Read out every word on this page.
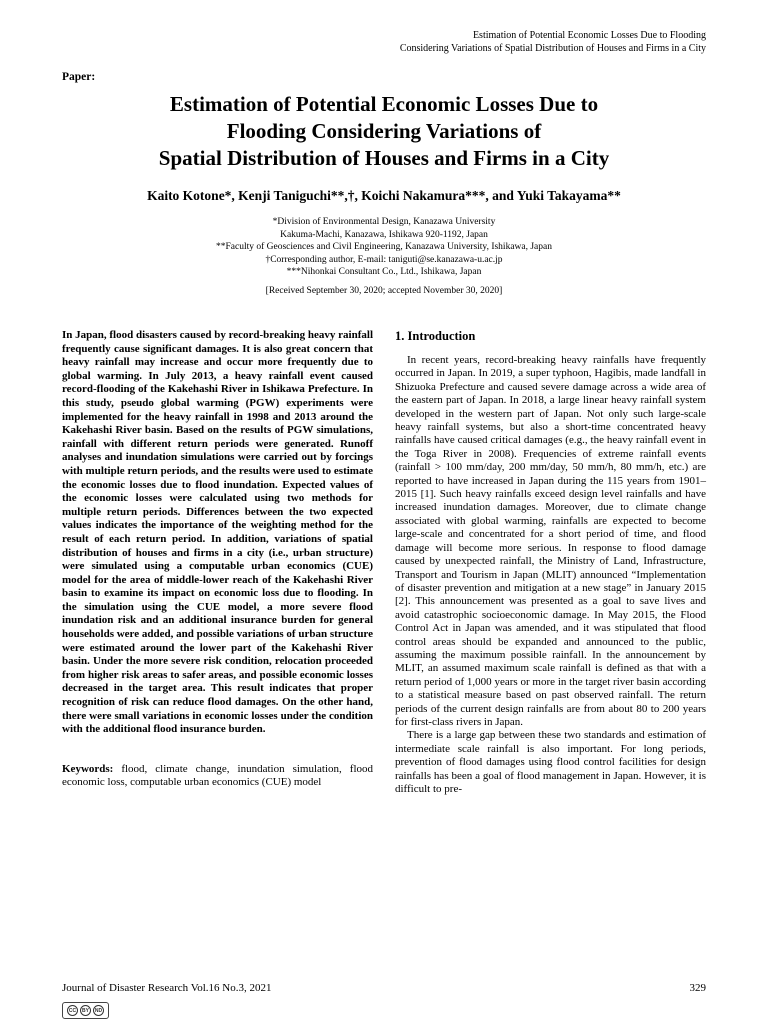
Estimation of Potential Economic Losses Due to Flooding
Considering Variations of Spatial Distribution of Houses and Firms in a City
Paper:
Estimation of Potential Economic Losses Due to
Flooding Considering Variations of
Spatial Distribution of Houses and Firms in a City
Kaito Kotone*, Kenji Taniguchi**,†, Koichi Nakamura***, and Yuki Takayama**
*Division of Environmental Design, Kanazawa University
Kakuma-Machi, Kanazawa, Ishikawa 920-1192, Japan
**Faculty of Geosciences and Civil Engineering, Kanazawa University, Ishikawa, Japan
†Corresponding author, E-mail: taniguti@se.kanazawa-u.ac.jp
***Nihonkai Consultant Co., Ltd., Ishikawa, Japan
[Received September 30, 2020; accepted November 30, 2020]

In Japan, flood disasters caused by record-breaking heavy rainfall frequently cause significant damages. It is also great concern that heavy rainfall may increase and occur more frequently due to global warming. In July 2013, a heavy rainfall event caused record-flooding of the Kakehashi River in Ishikawa Prefecture. In this study, pseudo global warming (PGW) experiments were implemented for the heavy rainfall in 1998 and 2013 around the Kakehashi River basin. Based on the results of PGW simulations, rainfall with different return periods were generated. Runoff analyses and inundation simulations were carried out by forcings with multiple return periods, and the results were used to estimate the economic losses due to flood inundation. Expected values of the economic losses were calculated using two methods for multiple return periods. Differences between the two expected values indicates the importance of the weighting method for the result of each return period. In addition, variations of spatial distribution of houses and firms in a city (i.e., urban structure) were simulated using a computable urban economics (CUE) model for the area of middle-lower reach of the Kakehashi River basin to examine its impact on economic loss due to flooding. In the simulation using the CUE model, a more severe flood inundation risk and an additional insurance burden for general households were added, and possible variations of urban structure were estimated around the lower part of the Kakehashi River basin. Under the more severe risk condition, relocation proceeded from higher risk areas to safer areas, and possible economic losses decreased in the target area. This result indicates that proper recognition of risk can reduce flood damages. On the other hand, there were small variations in economic losses under the condition with the additional flood insurance burden.

Keywords: flood, climate change, inundation simulation, flood economic loss, computable urban economics (CUE) model

1. Introduction

In recent years, record-breaking heavy rainfalls have frequently occurred in Japan. In 2019, a super typhoon, Hagibis, made landfall in Shizuoka Prefecture and caused severe damage across a wide area of the eastern part of Japan. In 2018, a large linear heavy rainfall system developed in the western part of Japan. Not only such large-scale heavy rainfall systems, but also a short-time concentrated heavy rainfalls have caused critical damages (e.g., the heavy rainfall event in the Toga River in 2008). Frequencies of extreme rainfall events (rainfall > 100 mm/day, 200 mm/day, 50 mm/h, 80 mm/h, etc.) are reported to have increased in Japan during the 115 years from 1901–2015 [1]. Such heavy rainfalls exceed design level rainfalls and have increased inundation damages. Moreover, due to climate change associated with global warming, rainfalls are expected to become large-scale and concentrated for a short period of time, and flood damage will become more serious. In response to flood damage caused by unexpected rainfall, the Ministry of Land, Infrastructure, Transport and Tourism in Japan (MLIT) announced “Implementation of disaster prevention and mitigation at a new stage” in January 2015 [2]. This announcement was presented as a goal to save lives and avoid catastrophic socioeconomic damage. In May 2015, the Flood Control Act in Japan was amended, and it was stipulated that flood control areas should be expanded and announced to the public, assuming the maximum possible rainfall. In the announcement by MLIT, an assumed maximum scale rainfall is defined as that with a return period of 1,000 years or more in the target river basin according to a statistical measure based on past observed rainfall. The return periods of the current design rainfalls are from about 80 to 200 years for first-class rivers in Japan.

There is a large gap between these two standards and estimation of intermediate scale rainfall is also important. For long periods, prevention of flood damages using flood control facilities for design rainfalls has been a goal of flood management in Japan. However, it is difficult to pre-

Journal of Disaster Research Vol.16 No.3, 2021	329
CC	BY	ND
